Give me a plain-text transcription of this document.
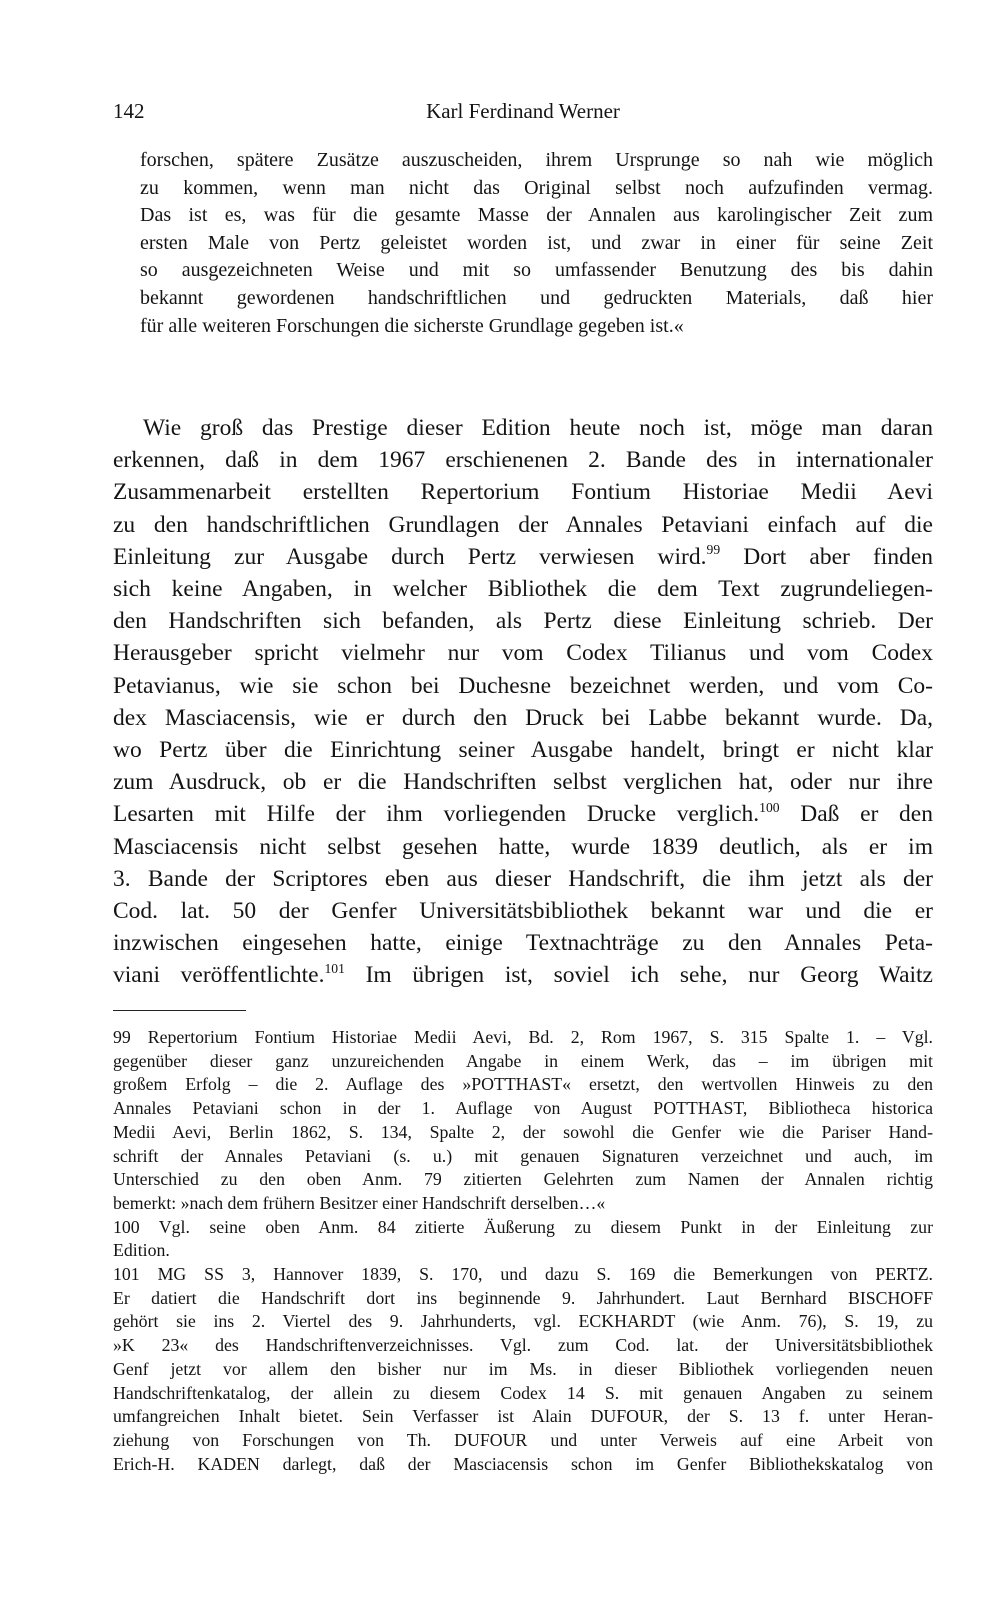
142	Karl Ferdinand Werner
forschen, spätere Zusätze auszuscheiden, ihrem Ursprunge so nah wie möglich
zu kommen, wenn man nicht das Original selbst noch aufzufinden vermag.
Das ist es, was für die gesamte Masse der Annalen aus karolingischer Zeit zum
ersten Male von Pertz geleistet worden ist, und zwar in einer für seine Zeit
so ausgezeichneten Weise und mit so umfassender Benutzung des bis dahin
bekannt gewordenen handschriftlichen und gedruckten Materials, daß hier
für alle weiteren Forschungen die sicherste Grundlage gegeben ist.«
Wie groß das Prestige dieser Edition heute noch ist, möge man daran
erkennen, daß in dem 1967 erschienenen 2. Bande des in internationaler
Zusammenarbeit erstellten Repertorium Fontium Historiae Medii Aevi
zu den handschriftlichen Grundlagen der Annales Petaviani einfach auf die
Einleitung zur Ausgabe durch Pertz verwiesen wird.$^{99}$ Dort aber finden
sich keine Angaben, in welcher Bibliothek die dem Text zugrundeliegen-
den Handschriften sich befanden, als Pertz diese Einleitung schrieb. Der
Herausgeber spricht vielmehr nur vom Codex Tilianus und vom Codex
Petavianus, wie sie schon bei Duchesne bezeichnet werden, und vom Co-
dex Masciacensis, wie er durch den Druck bei Labbe bekannt wurde. Da,
wo Pertz über die Einrichtung seiner Ausgabe handelt, bringt er nicht klar
zum Ausdruck, ob er die Handschriften selbst verglichen hat, oder nur ihre
Lesarten mit Hilfe der ihm vorliegenden Drucke verglich.$^{100}$ Daß er den
Masciacensis nicht selbst gesehen hatte, wurde 1839 deutlich, als er im
3. Bande der Scriptores eben aus dieser Handschrift, die ihm jetzt als der
Cod. lat. 50 der Genfer Universitätsbibliothek bekannt war und die er
inzwischen eingesehen hatte, einige Textnachträge zu den Annales Peta-
viani veröffentlichte.$^{101}$ Im übrigen ist, soviel ich sehe, nur Georg Waitz
99 Repertorium Fontium Historiae Medii Aevi, Bd. 2, Rom 1967, S. 315 Spalte 1. – Vgl.
gegenüber dieser ganz unzureichenden Angabe in einem Werk, das – im übrigen mit
großem Erfolg – die 2. Auflage des »POTTHAST« ersetzt, den wertvollen Hinweis zu den
Annales Petaviani schon in der 1. Auflage von August POTTHAST, Bibliotheca historica
Medii Aevi, Berlin 1862, S. 134, Spalte 2, der sowohl die Genfer wie die Pariser Hand-
schrift der Annales Petaviani (s. u.) mit genauen Signaturen verzeichnet und auch, im
Unterschied zu den oben Anm. 79 zitierten Gelehrten zum Namen der Annalen richtig
bemerkt: »nach dem frühern Besitzer einer Handschrift derselben…«
100 Vgl. seine oben Anm. 84 zitierte Äußerung zu diesem Punkt in der Einleitung zur
Edition.
101 MG SS 3, Hannover 1839, S. 170, und dazu S. 169 die Bemerkungen von PERTZ.
Er datiert die Handschrift dort ins beginnende 9. Jahrhundert. Laut Bernhard BISCHOFF
gehört sie ins 2. Viertel des 9. Jahrhunderts, vgl. ECKHARDT (wie Anm. 76), S. 19, zu
»K 23« des Handschriftenverzeichnisses. Vgl. zum Cod. lat. der Universitätsbibliothek
Genf jetzt vor allem den bisher nur im Ms. in dieser Bibliothek vorliegenden neuen
Handschriftenkatalog, der allein zu diesem Codex 14 S. mit genauen Angaben zu seinem
umfangreichen Inhalt bietet. Sein Verfasser ist Alain DUFOUR, der S. 13 f. unter Heran-
ziehung von Forschungen von Th. DUFOUR und unter Verweis auf eine Arbeit von
Erich-H. KADEN darlegt, daß der Masciacensis schon im Genfer Bibliothekskatalog von
